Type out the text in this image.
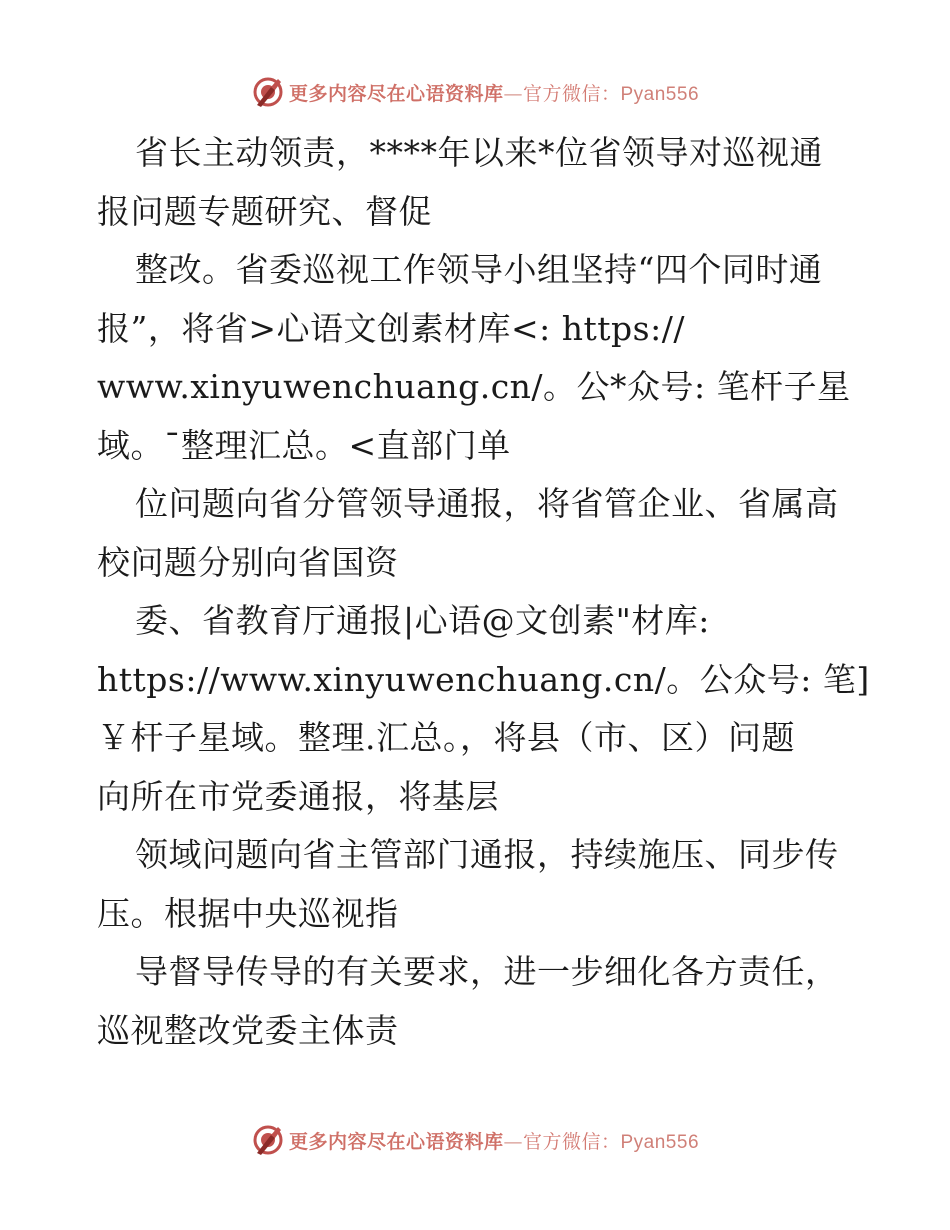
更多内容尽在心语资料库—官方微信：Pyan556
省长主动领责，****年以来*位省领导对巡视通
报问题专题研究、督促
整改。省委巡视工作领导小组坚持“四个同时通
报”，将省>心语文创素材库<: https://
www.xinyuwenchuang.cn/。公*众号: 笔杆子星
域。¯整理汇总。<直部门单
位问题向省分管领导通报，将省管企业、省属高
校问题分别向省国资
委、省教育厅通报|心语@文创素"材库:
https://www.xinyuwenchuang.cn/。公众号: 笔]
￥杆子星域。整理.汇总。，将县（市、区）问题
向所在市党委通报，将基层
领域问题向省主管部门通报，持续施压、同步传
压。根据中央巡视指
导督导传导的有关要求，进一步细化各方责任，
巡视整改党委主体责
更多内容尽在心语资料库—官方微信：Pyan556
